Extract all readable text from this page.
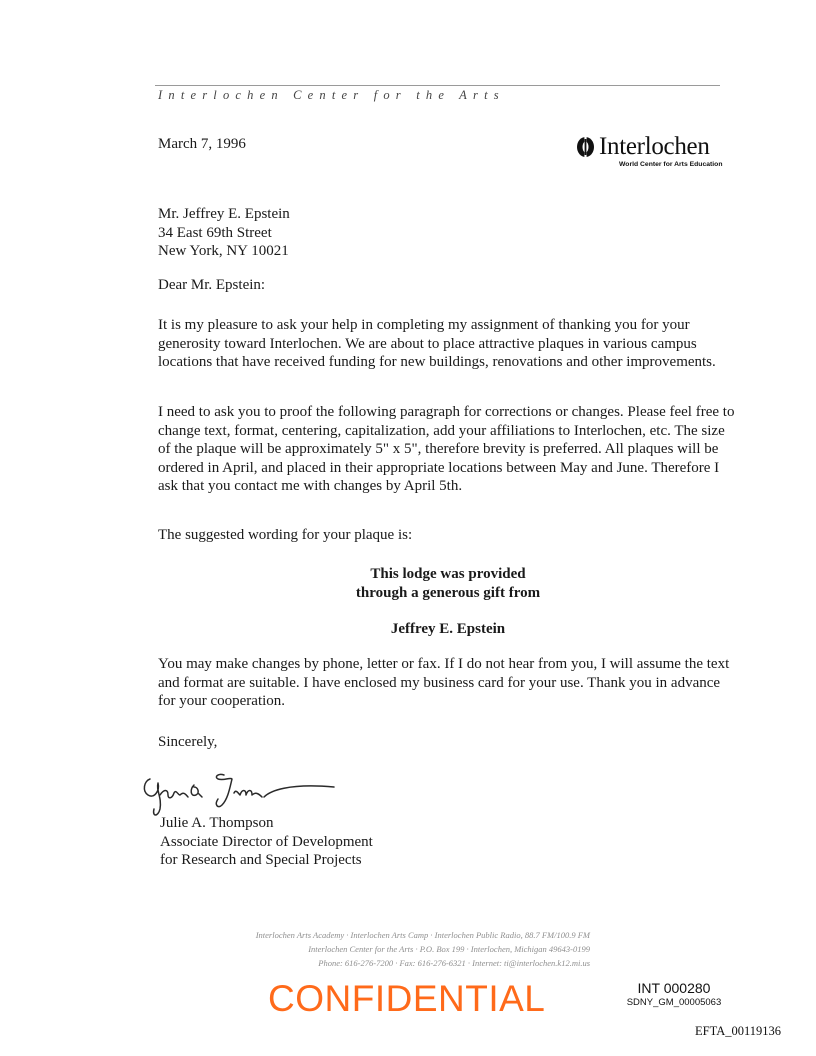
Interlochen Center for the Arts
March 7, 1996	Interlochen
World Center for Arts Education
Mr. Jeffrey E. Epstein
34 East 69th Street
New York, NY 10021
Dear Mr. Epstein:
It is my pleasure to ask your help in completing my assignment of thanking you for your generosity toward Interlochen. We are about to place attractive plaques in various campus locations that have received funding for new buildings, renovations and other improvements.
I need to ask you to proof the following paragraph for corrections or changes. Please feel free to change text, format, centering, capitalization, add your affiliations to Interlochen, etc. The size of the plaque will be approximately 5" x 5", therefore brevity is preferred. All plaques will be ordered in April, and placed in their appropriate locations between May and June. Therefore I ask that you contact me with changes by April 5th.
The suggested wording for your plaque is:
This lodge was provided
through a generous gift from
Jeffrey E. Epstein
You may make changes by phone, letter or fax. If I do not hear from you, I will assume the text and format are suitable. I have enclosed my business card for your use. Thank you in advance for your cooperation.
Sincerely,
Julie A. Thompson
Associate Director of Development
for Research and Special Projects
Interlochen Arts Academy · Interlochen Arts Camp · Interlochen Public Radio, 88.7 FM/100.9 FM
Interlochen Center for the Arts · P.O. Box 199 · Interlochen, Michigan 49643-0199
Phone: 616-276-7200 · Fax: 616-276-6321 · Internet: ti@interlochen.k12.mi.us
CONFIDENTIAL	INT 000280
SDNY_GM_00005063
EFTA_00119136
